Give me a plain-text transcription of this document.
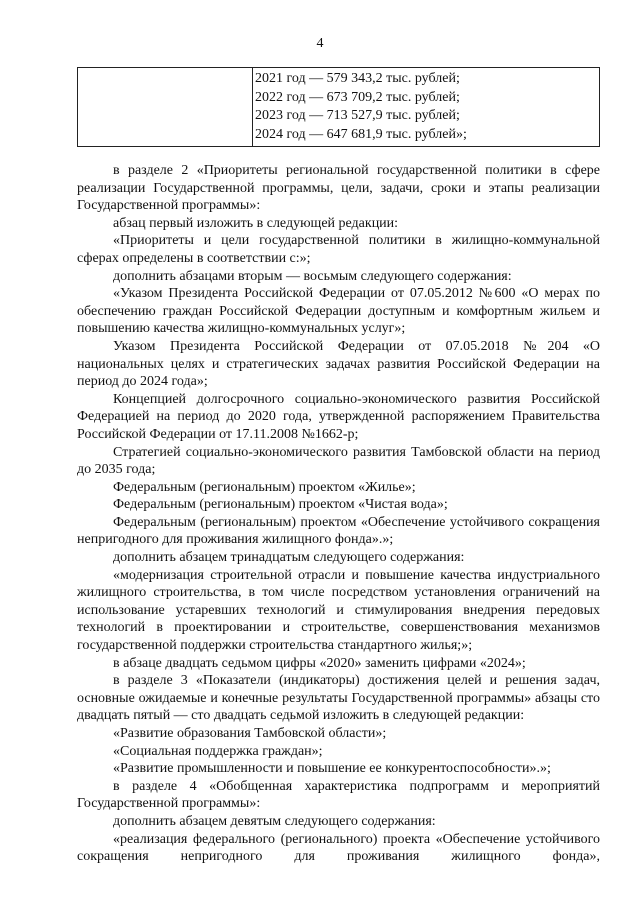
4

2021 год — 579 343,2 тыс. рублей;
2022 год — 673 709,2 тыс. рублей;
2023 год — 713 527,9 тыс. рублей;
2024 год — 647 681,9 тыс. рублей»;

в разделе 2 «Приоритеты региональной государственной политики в сфере реализации Государственной программы, цели, задачи, сроки и этапы реализации Государственной программы»:

абзац первый изложить в следующей редакции:

«Приоритеты и цели государственной политики в жилищно-коммунальной сферах определены в соответствии с:»;

дополнить абзацами вторым — восьмым следующего содержания:

«Указом Президента Российской Федерации от 07.05.2012 №600 «О мерах по обеспечению граждан Российской Федерации доступным и комфортным жильем и повышению качества жилищно-коммунальных услуг»;

Указом Президента Российской Федерации от 07.05.2018 №204 «О национальных целях и стратегических задачах развития Российской Федерации на период до 2024 года»;

Концепцией долгосрочного социально-экономического развития Российской Федерацией на период до 2020 года, утвержденной распоряжением Правительства Российской Федерации от 17.11.2008 №1662-р;

Стратегией социально-экономического развития Тамбовской области на период до 2035 года;

Федеральным (региональным) проектом «Жилье»;

Федеральным (региональным) проектом «Чистая вода»;

Федеральным (региональным) проектом «Обеспечение устойчивого сокращения непригодного для проживания жилищного фонда».»;

дополнить абзацем тринадцатым следующего содержания:

«модернизация строительной отрасли и повышение качества индустриального жилищного строительства, в том числе посредством установления ограничений на использование устаревших технологий и стимулирования внедрения передовых технологий в проектировании и строительстве, совершенствования механизмов государственной поддержки строительства стандартного жилья;»;

в абзаце двадцать седьмом цифры «2020» заменить цифрами «2024»;

в разделе 3 «Показатели (индикаторы) достижения целей и решения задач, основные ожидаемые и конечные результаты Государственной программы» абзацы сто двадцать пятый — сто двадцать седьмой изложить в следующей редакции:

«Развитие образования Тамбовской области»;

«Социальная поддержка граждан»;

«Развитие промышленности и повышение ее конкурентоспособности».»;

в разделе 4 «Обобщенная характеристика подпрограмм и мероприятий Государственной программы»:

дополнить абзацем девятым следующего содержания:

«реализация федерального (регионального) проекта «Обеспечение устойчивого сокращения непригодного для проживания жилищного фонда»,
